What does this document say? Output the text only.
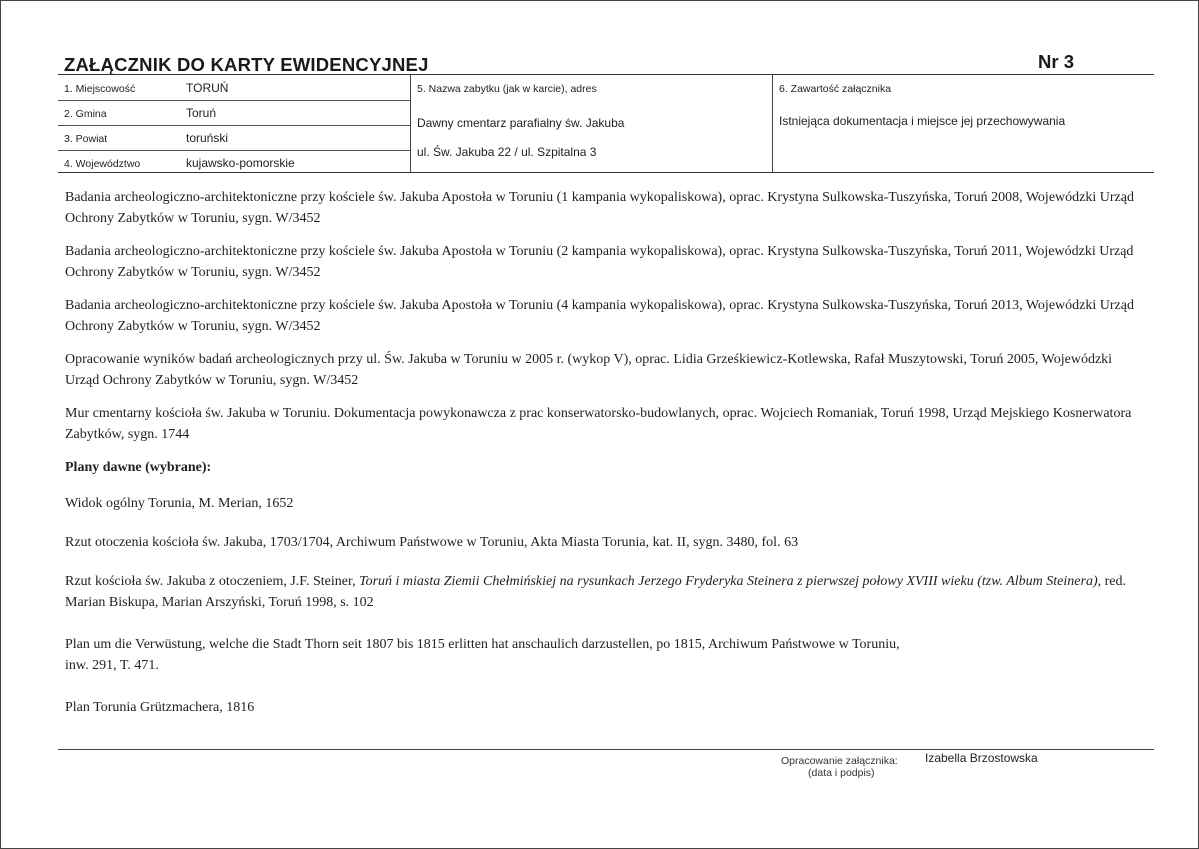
ZAŁĄCZNIK DO KARTY EWIDENCYJNEJ	Nr 3
1. Miejscowość	TORUŃ
2. Gmina	Toruń
3. Powiat	toruński
4. Województwo	kujawsko-pomorskie
5. Nazwa zabytku (jak w karcie), adres
Dawny cmentarz parafialny św. Jakuba
ul. Św. Jakuba 22 / ul. Szpitalna 3
6. Zawartość załącznika
Istniejąca dokumentacja i miejsce jej przechowywania

Badania archeologiczno-architektoniczne przy kościele św. Jakuba Apostoła w Toruniu (1 kampania wykopaliskowa), oprac. Krystyna Sulkowska-Tuszyńska, Toruń 2008, Wojewódzki Urząd Ochrony Zabytków w Toruniu, sygn. W/3452

Badania archeologiczno-architektoniczne przy kościele św. Jakuba Apostoła w Toruniu (2 kampania wykopaliskowa), oprac. Krystyna Sulkowska-Tuszyńska, Toruń 2011, Wojewódzki Urząd Ochrony Zabytków w Toruniu, sygn. W/3452

Badania archeologiczno-architektoniczne przy kościele św. Jakuba Apostoła w Toruniu (4 kampania wykopaliskowa), oprac. Krystyna Sulkowska-Tuszyńska, Toruń 2013, Wojewódzki Urząd Ochrony Zabytków w Toruniu, sygn. W/3452

Opracowanie wyników badań archeologicznych przy ul. Św. Jakuba w Toruniu w 2005 r. (wykop V), oprac. Lidia Grześkiewicz-Kotlewska, Rafał Muszytowski, Toruń 2005, Wojewódzki Urząd Ochrony Zabytków w Toruniu, sygn. W/3452

Mur cmentarny kościoła św. Jakuba w Toruniu. Dokumentacja powykonawcza z prac konserwatorsko-budowlanych, oprac. Wojciech Romaniak, Toruń 1998, Urząd Mejskiego Kosnerwatora Zabytków, sygn. 1744

Plany dawne (wybrane):

Widok ogólny Torunia, M. Merian, 1652

Rzut otoczenia kościoła św. Jakuba, 1703/1704, Archiwum Państwowe w Toruniu, Akta Miasta Torunia, kat. II, sygn. 3480, fol. 63

Rzut kościoła św. Jakuba z otoczeniem, J.F. Steiner, Toruń i miasta Ziemii Chełmińskiej na rysunkach Jerzego Fryderyka Steinera z pierwszej połowy XVIII wieku (tzw. Album Steinera), red. Marian Biskupa, Marian Arszyński, Toruń 1998, s. 102

Plan um die Verwüstung, welche die Stadt Thorn seit 1807 bis 1815 erlitten hat anschaulich darzustellen, po 1815, Archiwum Państwowe w Toruniu,
inw. 291, T. 471.

Plan Torunia Grützmachera, 1816

Opracowanie załącznika: Izabella Brzostowska
(data i podpis)
